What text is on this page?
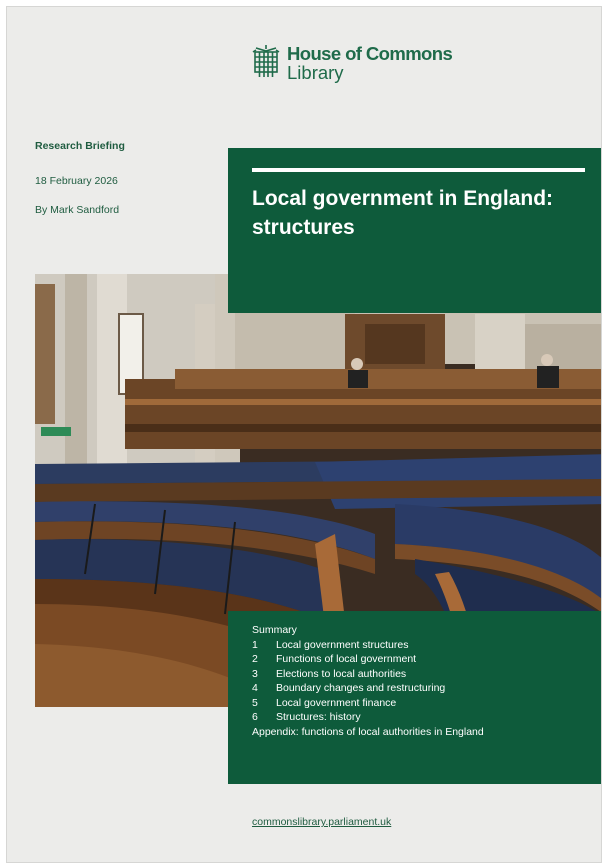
House of Commons
Library
Research Briefing
18 February 2026
By Mark Sandford	Local government in England:
structures
Summary
1	Local government structures
2	Functions of local government
3	Elections to local authorities
4	Boundary changes and restructuring
5	Local government finance
6	Structures: history
Appendix: functions of local authorities in England
commonslibrary.parliament.uk
